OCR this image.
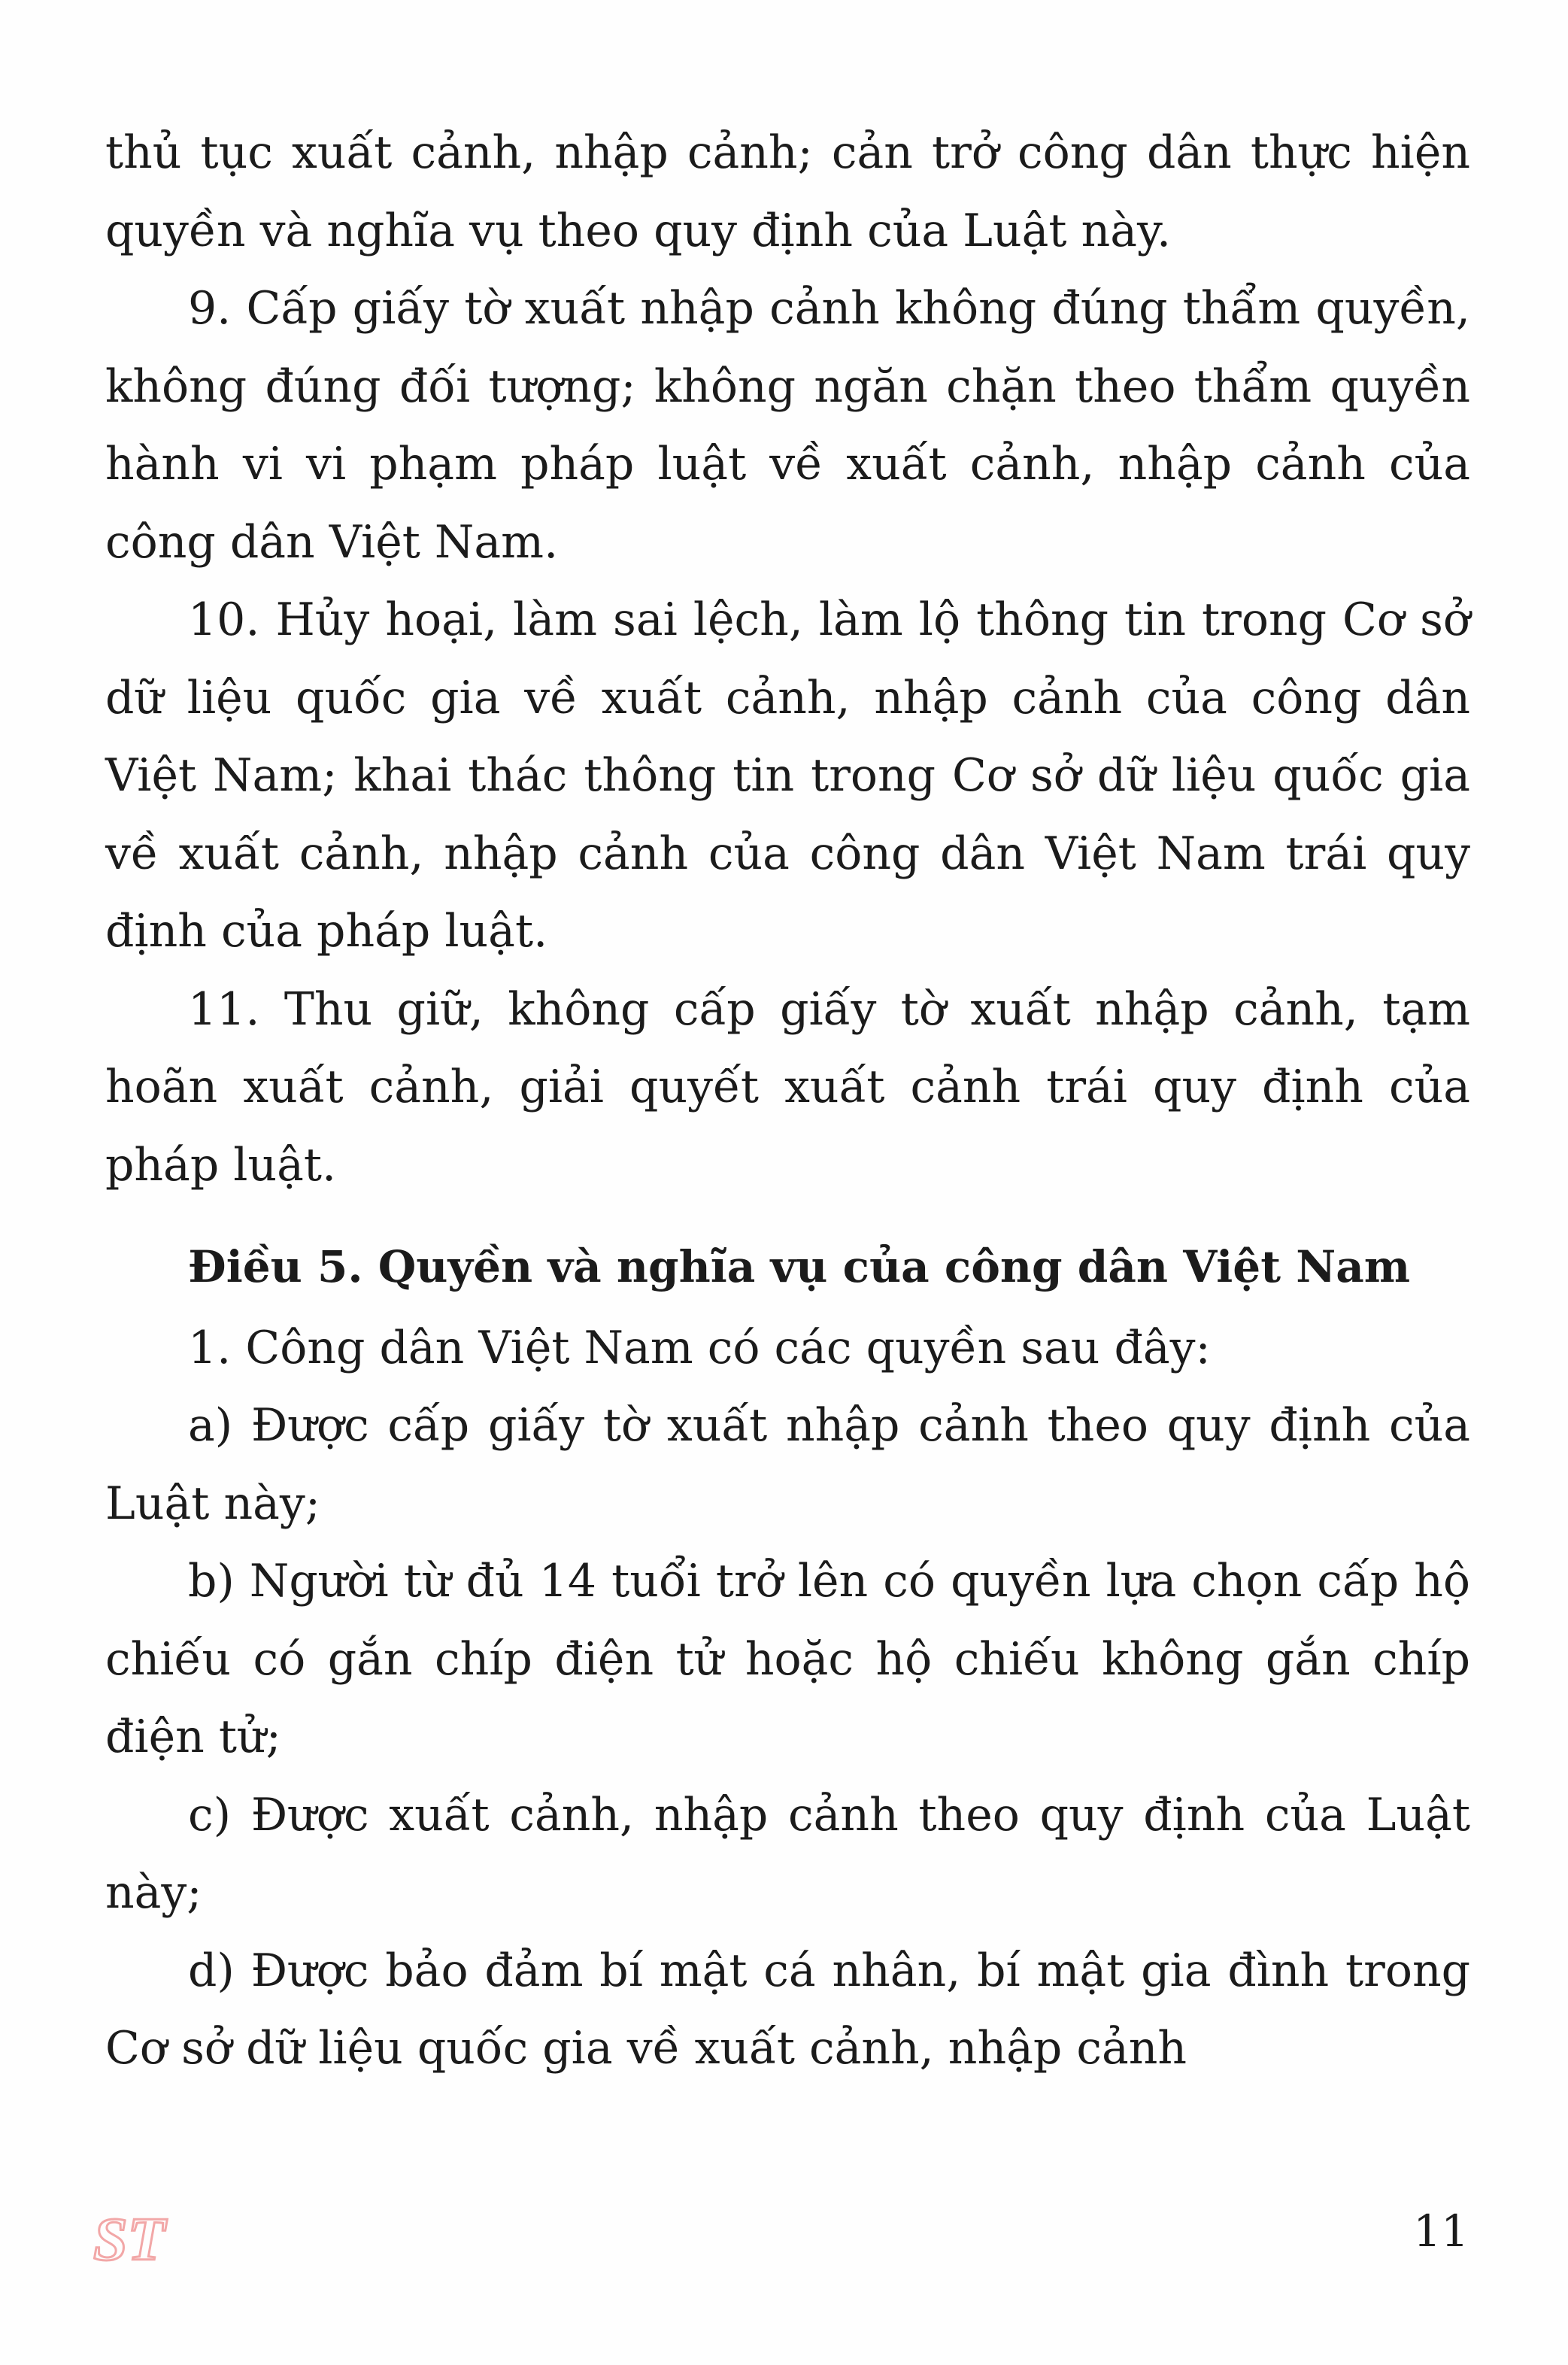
thủ tục xuất cảnh, nhập cảnh; cản trở công dân thực hiện quyền và nghĩa vụ theo quy định của Luật này.

9. Cấp giấy tờ xuất nhập cảnh không đúng thẩm quyền, không đúng đối tượng; không ngăn chặn theo thẩm quyền hành vi vi phạm pháp luật về xuất cảnh, nhập cảnh của công dân Việt Nam.

10. Hủy hoại, làm sai lệch, làm lộ thông tin trong Cơ sở dữ liệu quốc gia về xuất cảnh, nhập cảnh của công dân Việt Nam; khai thác thông tin trong Cơ sở dữ liệu quốc gia về xuất cảnh, nhập cảnh của công dân Việt Nam trái quy định của pháp luật.

11. Thu giữ, không cấp giấy tờ xuất nhập cảnh, tạm hoãn xuất cảnh, giải quyết xuất cảnh trái quy định của pháp luật.

Điều 5. Quyền và nghĩa vụ của công dân Việt Nam

1. Công dân Việt Nam có các quyền sau đây:

a) Được cấp giấy tờ xuất nhập cảnh theo quy định của Luật này;

b) Người từ đủ 14 tuổi trở lên có quyền lựa chọn cấp hộ chiếu có gắn chíp điện tử hoặc hộ chiếu không gắn chíp điện tử;

c) Được xuất cảnh, nhập cảnh theo quy định của Luật này;

d) Được bảo đảm bí mật cá nhân, bí mật gia đình trong Cơ sở dữ liệu quốc gia về xuất cảnh, nhập cảnh

ST	11
